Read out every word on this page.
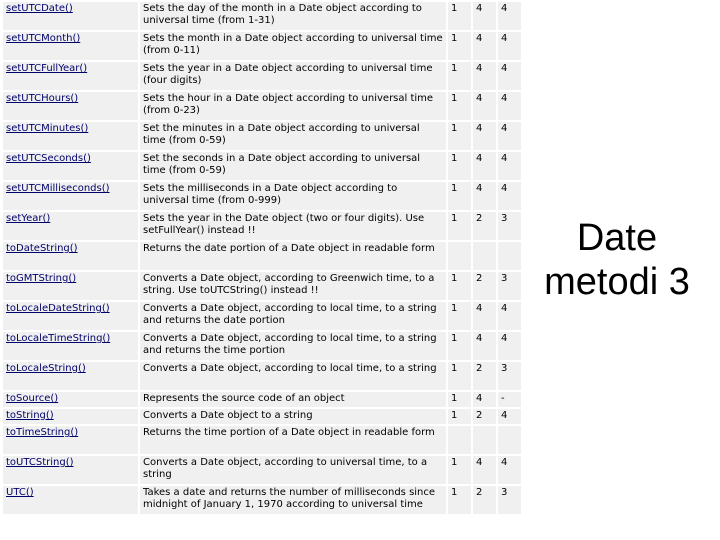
setUTCDate()	Sets the day of the month in a Date object according to universal time (from 1-31)	1	4	4
setUTCMonth()	Sets the month in a Date object according to universal time (from 0-11)	1	4	4
setUTCFullYear()	Sets the year in a Date object according to universal time (four digits)	1	4	4
setUTCHours()	Sets the hour in a Date object according to universal time (from 0-23)	1	4	4
setUTCMinutes()	Set the minutes in a Date object according to universal time (from 0-59)	1	4	4
setUTCSeconds()	Set the seconds in a Date object according to universal time (from 0-59)	1	4	4
setUTCMilliseconds()	Sets the milliseconds in a Date object according to universal time (from 0-999)	1	4	4
setYear()	Sets the year in the Date object (two or four digits). Use setFullYear() instead !!	1	2	3
toDateString()	Returns the date portion of a Date object in readable form			
toGMTString()	Converts a Date object, according to Greenwich time, to a string. Use toUTCString() instead !!	1	2	3
toLocaleDateString()	Converts a Date object, according to local time, to a string and returns the date portion	1	4	4
toLocaleTimeString()	Converts a Date object, according to local time, to a string and returns the time portion	1	4	4
toLocaleString()	Converts a Date object, according to local time, to a string	1	2	3
toSource()	Represents the source code of an object	1	4	-
toString()	Converts a Date object to a string	1	2	4
toTimeString()	Returns the time portion of a Date object in readable form			
toUTCString()	Converts a Date object, according to universal time, to a string	1	4	4
UTC()	Takes a date and returns the number of milliseconds since midnight of January 1, 1970 according to universal time	1	2	3
Date
metodi 3
